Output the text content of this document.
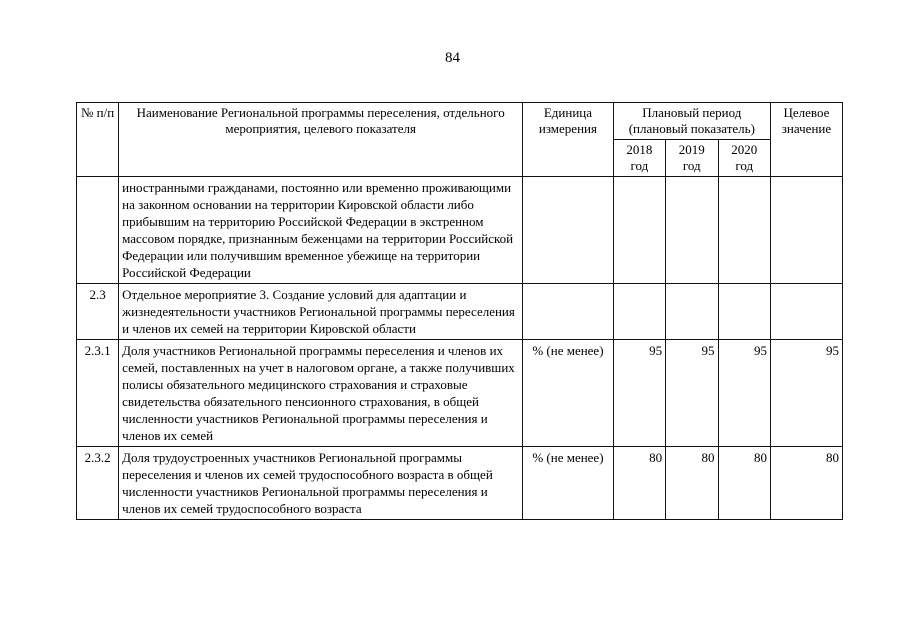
84
№ п/п	Наименование Региональной программы переселения, отдельного мероприятия, целевого показателя	Единица измерения	Плановый период (плановый показатель)			Целевое значение
			2018 год	2019 год	2020 год	
	иностранными гражданами, постоянно или временно проживающими на законном основании на территории Кировской области либо прибывшим на территорию Российской Федерации в экстренном массовом порядке, признанным беженцами на территории Российской Федерации или получившим временное убежище на территории Российской Федерации					
2.3	Отдельное мероприятие 3. Создание условий для адаптации и жизнедеятельности участников Региональной программы переселения и членов их семей на территории Кировской области					
2.3.1	Доля участников Региональной программы переселения и членов их семей, поставленных на учет в налоговом органе, а также получивших полисы обязательного медицинского страхования и страховые свидетельства обязательного пенсионного страхования, в общей численности участников Региональной программы переселения и членов их семей	% (не менее)	95	95	95	95
2.3.2	Доля трудоустроенных участников Региональной программы переселения и членов их семей трудоспособного возраста в общей численности участников Региональной программы переселения и членов их семей трудоспособного возраста	% (не менее)	80	80	80	80
